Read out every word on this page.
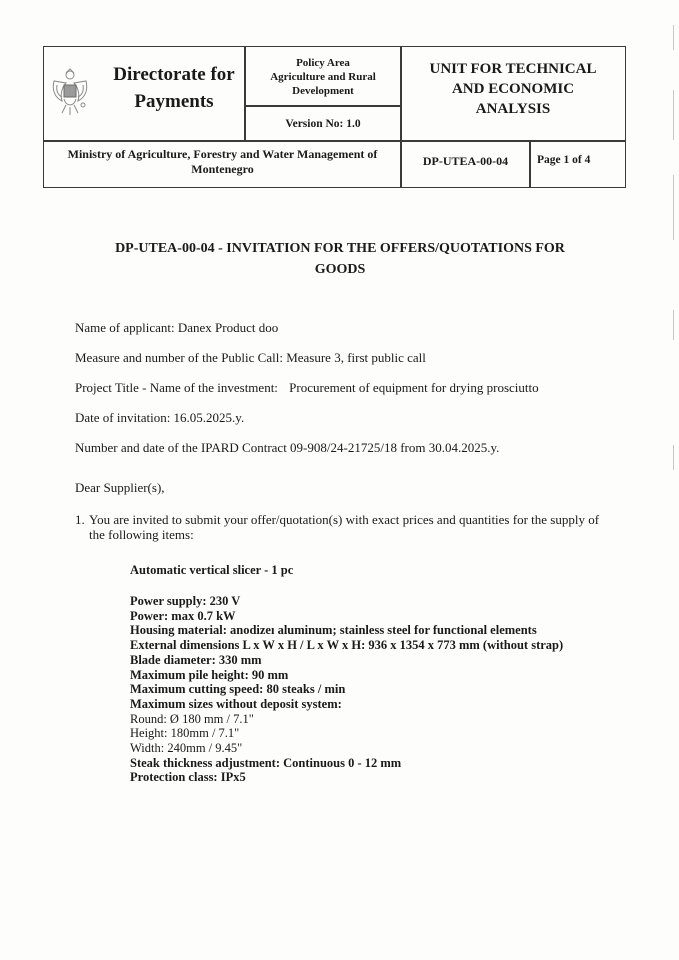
Directorate for
Payments
Policy Area
Agriculture and Rural
Development
Version No: 1.0
UNIT FOR TECHNICAL
AND ECONOMIC
ANALYSIS
Ministry of Agriculture, Forestry and Water Management of
Montenegro
DP-UTEA-00-04	Page 1 of 4
DP-UTEA-00-04 - INVITATION FOR THE OFFERS/QUOTATIONS FOR
GOODS
Name of applicant: Danex Product doo
Measure and number of the Public Call: Measure 3, first public call
Project Title - Name of the investment: Procurement of equipment for drying prosciutto
Date of invitation: 16.05.2025.y.
Number and date of the IPARD Contract 09-908/24-21725/18 from 30.04.2025.y.
Dear Supplier(s),
1. You are invited to submit your offer/quotation(s) with exact prices and quantities for the supply of the following items:
Automatic vertical slicer - 1 pc
Power supply: 230 V
Power: max 0.7 kW
Housing material: anodizeı aluminum; stainless steel for functional elements
External dimensions L x W x H / L x W x H: 936 x 1354 x 773 mm (without strap)
Blade diameter: 330 mm
Maximum pile height: 90 mm
Maximum cutting speed: 80 steaks / min
Maximum sizes without deposit system:
Round: Ø 180 mm / 7.1"
Height: 180mm / 7.1"
Width: 240mm / 9.45"
Steak thickness adjustment: Continuous 0 - 12 mm
Protection class: IPx5
